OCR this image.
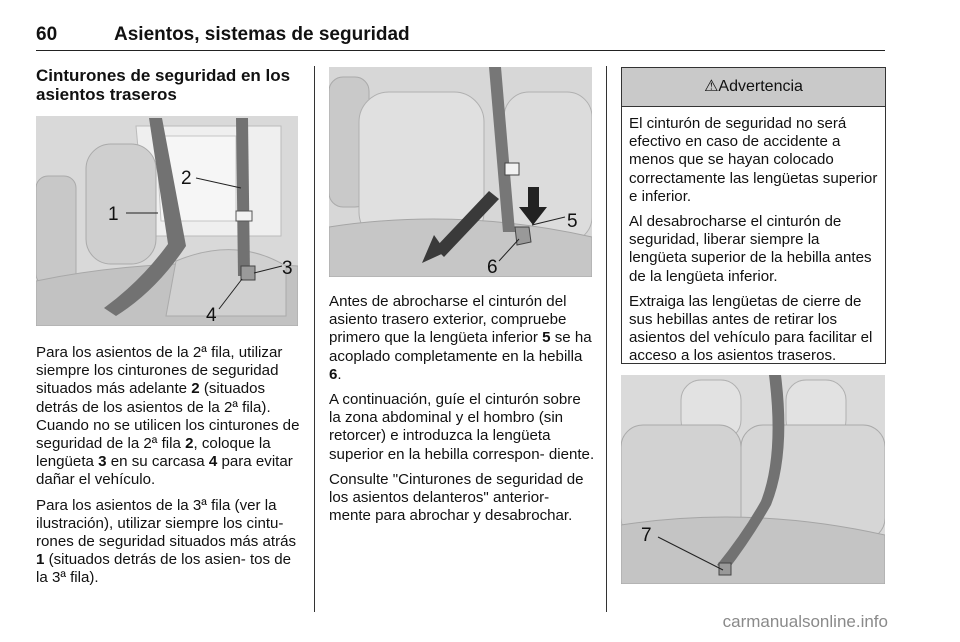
60	Asientos, sistemas de seguridad
Cinturones de seguridad en los asientos traseros
1
2
3
4

Para los asientos de la 2ª fila, utilizar siempre los cinturones de seguridad situados más adelante 2 (situados detrás de los asientos de la 2ª fila). Cuando no se utilicen los cinturones de seguridad de la 2ª fila 2, coloque la lengüeta 3 en su carcasa 4 para evitar dañar el vehículo.

Para los asientos de la 3ª fila (ver la ilustración), utilizar siempre los cintu‐ rones de seguridad situados más atrás 1 (situados detrás de los asien‐ tos de la 3ª fila).

5
6

Antes de abrocharse el cinturón del asiento trasero exterior, compruebe primero que la lengüeta inferior 5 se ha acoplado completamente en la hebilla 6.

A continuación, guíe el cinturón sobre la zona abdominal y el hombro (sin retorcer) e introduzca la lengüeta superior en la hebilla correspon‐ diente.

Consulte "Cinturones de seguridad de los asientos delanteros" anterior‐ mente para abrochar y desabrochar.

⚠Advertencia

El cinturón de seguridad no será efectivo en caso de accidente a menos que se hayan colocado correctamente las lengüetas superior e inferior.

Al desabrocharse el cinturón de seguridad, liberar siempre la lengüeta superior de la hebilla antes de la lengüeta inferior.

Extraiga las lengüetas de cierre de sus hebillas antes de retirar los asientos del vehículo para facilitar el acceso a los asientos traseros.

7
carmanualsonline.info
